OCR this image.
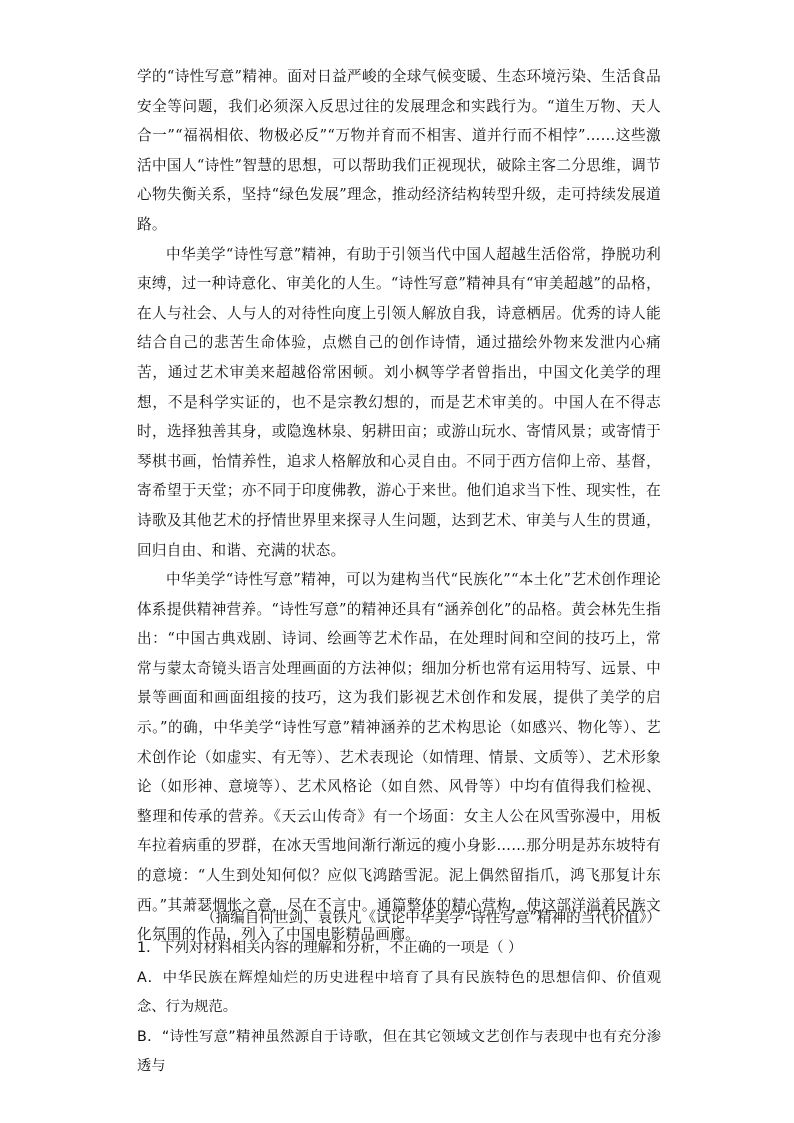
学的“诗性写意”精神。面对日益严峻的全球气候变暖、生态环境污染、生活食品安全等问题，我们必须深入反思过往的发展理念和实践行为。“道生万物、天人合一”“福祸相依、物极必反”“万物并育而不相害、道并行而不相悖”……这些激活中国人“诗性”智慧的思想，可以帮助我们正视现状，破除主客二分思维，调节心物失衡关系，坚持“绿色发展”理念，推动经济结构转型升级，走可持续发展道路。

中华美学“诗性写意”精神，有助于引领当代中国人超越生活俗常，挣脱功利束缚，过一种诗意化、审美化的人生。“诗性写意”精神具有“审美超越”的品格，在人与社会、人与人的对待性向度上引领人解放自我，诗意栖居。优秀的诗人能结合自己的悲苦生命体验，点燃自己的创作诗情，通过描绘外物来发泄内心痛苦，通过艺术审美来超越俗常困顿。刘小枫等学者曾指出，中国文化美学的理想，不是科学实证的，也不是宗教幻想的，而是艺术审美的。中国人在不得志时，选择独善其身，或隐逸林泉、躬耕田亩；或游山玩水、寄情风景；或寄情于琴棋书画，怡情养性，追求人格解放和心灵自由。不同于西方信仰上帝、基督，寄希望于天堂；亦不同于印度佛教，游心于来世。他们追求当下性、现实性，在诗歌及其他艺术的抒情世界里来探寻人生问题，达到艺术、审美与人生的贯通，回归自由、和谐、充满的状态。

中华美学“诗性写意”精神，可以为建构当代“民族化”“本土化”艺术创作理论体系提供精神营养。“诗性写意”的精神还具有“涵养创化”的品格。黄会林先生指出：“中国古典戏剧、诗词、绘画等艺术作品，在处理时间和空间的技巧上，常常与蒙太奇镜头语言处理画面的方法神似；细加分析也常有运用特写、远景、中景等画面和画面组接的技巧，这为我们影视艺术创作和发展，提供了美学的启示。”的确，中华美学“诗性写意”精神涵养的艺术构思论（如感兴、物化等）、艺术创作论（如虚实、有无等）、艺术表现论（如情理、情景、文质等）、艺术形象论（如形神、意境等）、艺术风格论（如自然、风骨等）中均有值得我们检视、整理和传承的营养。《天云山传奇》有一个场面：女主人公在风雪弥漫中，用板车拉着病重的罗群，在冰天雪地间渐行渐远的瘦小身影……那分明是苏东坡特有的意境：“人生到处知何似？应似飞鸿踏雪泥。泥上偶然留指爪，鸿飞那复计东西。”其萧瑟惆怅之意，尽在不言中。通篇整体的精心营构，使这部洋溢着民族文化氛围的作品，列入了中国电影精品画廊。

（摘编自何世剑、袁铁凡《试论中华美学“诗性写意”精神的当代价值》）

1．下列对材料相关内容的理解和分析，不正确的一项是（ ）

A．中华民族在辉煌灿烂的历史进程中培育了具有民族特色的思想信仰、价值观念、行为规范。

B．“诗性写意”精神虽然源自于诗歌，但在其它领域文艺创作与表现中也有充分渗透与
